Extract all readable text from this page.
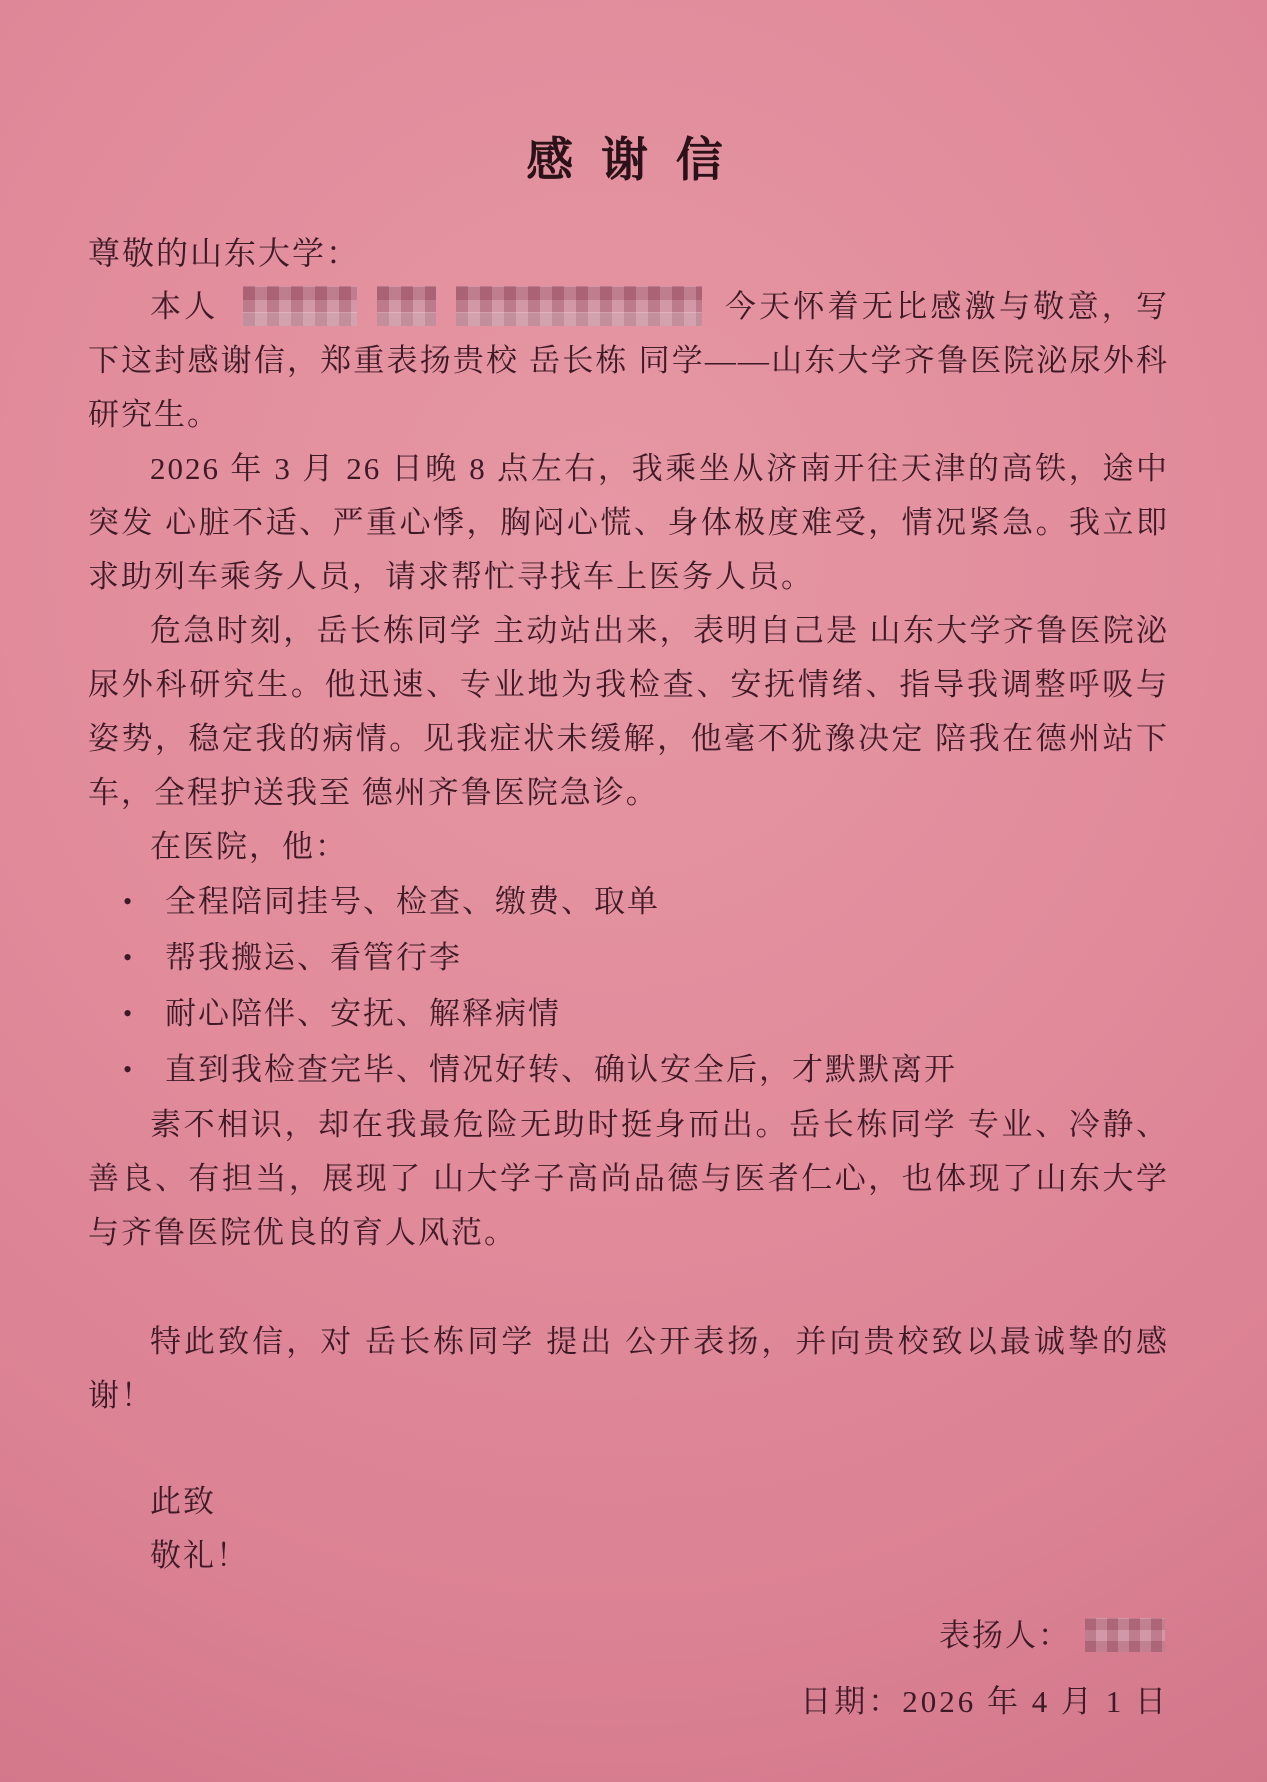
感 谢 信

尊敬的山东大学：

本人	今天怀着无比感激与敬意，写下这封感谢信，郑重表扬贵校 岳长栋 同学——山东大学齐鲁医院泌尿外科研究生。

2026 年 3 月 26 日晚 8 点左右，我乘坐从济南开往天津的高铁，途中突发 心脏不适、严重心悸，胸闷心慌、身体极度难受，情况紧急。我立即求助列车乘务人员，请求帮忙寻找车上医务人员。

危急时刻，岳长栋同学 主动站出来，表明自己是 山东大学齐鲁医院泌尿外科研究生。他迅速、专业地为我检查、安抚情绪、指导我调整呼吸与姿势，稳定我的病情。见我症状未缓解，他毫不犹豫决定 陪我在德州站下车，全程护送我至 德州齐鲁医院急诊。

在医院，他：

• 全程陪同挂号、检查、缴费、取单
• 帮我搬运、看管行李
• 耐心陪伴、安抚、解释病情
• 直到我检查完毕、情况好转、确认安全后，才默默离开

素不相识，却在我最危险无助时挺身而出。岳长栋同学 专业、冷静、善良、有担当，展现了 山大学子高尚品德与医者仁心，也体现了山东大学与齐鲁医院优良的育人风范。

特此致信，对 岳长栋同学 提出 公开表扬，并向贵校致以最诚挚的感谢！

此致

敬礼！

表扬人：

日期：2026 年 4 月 1 日
